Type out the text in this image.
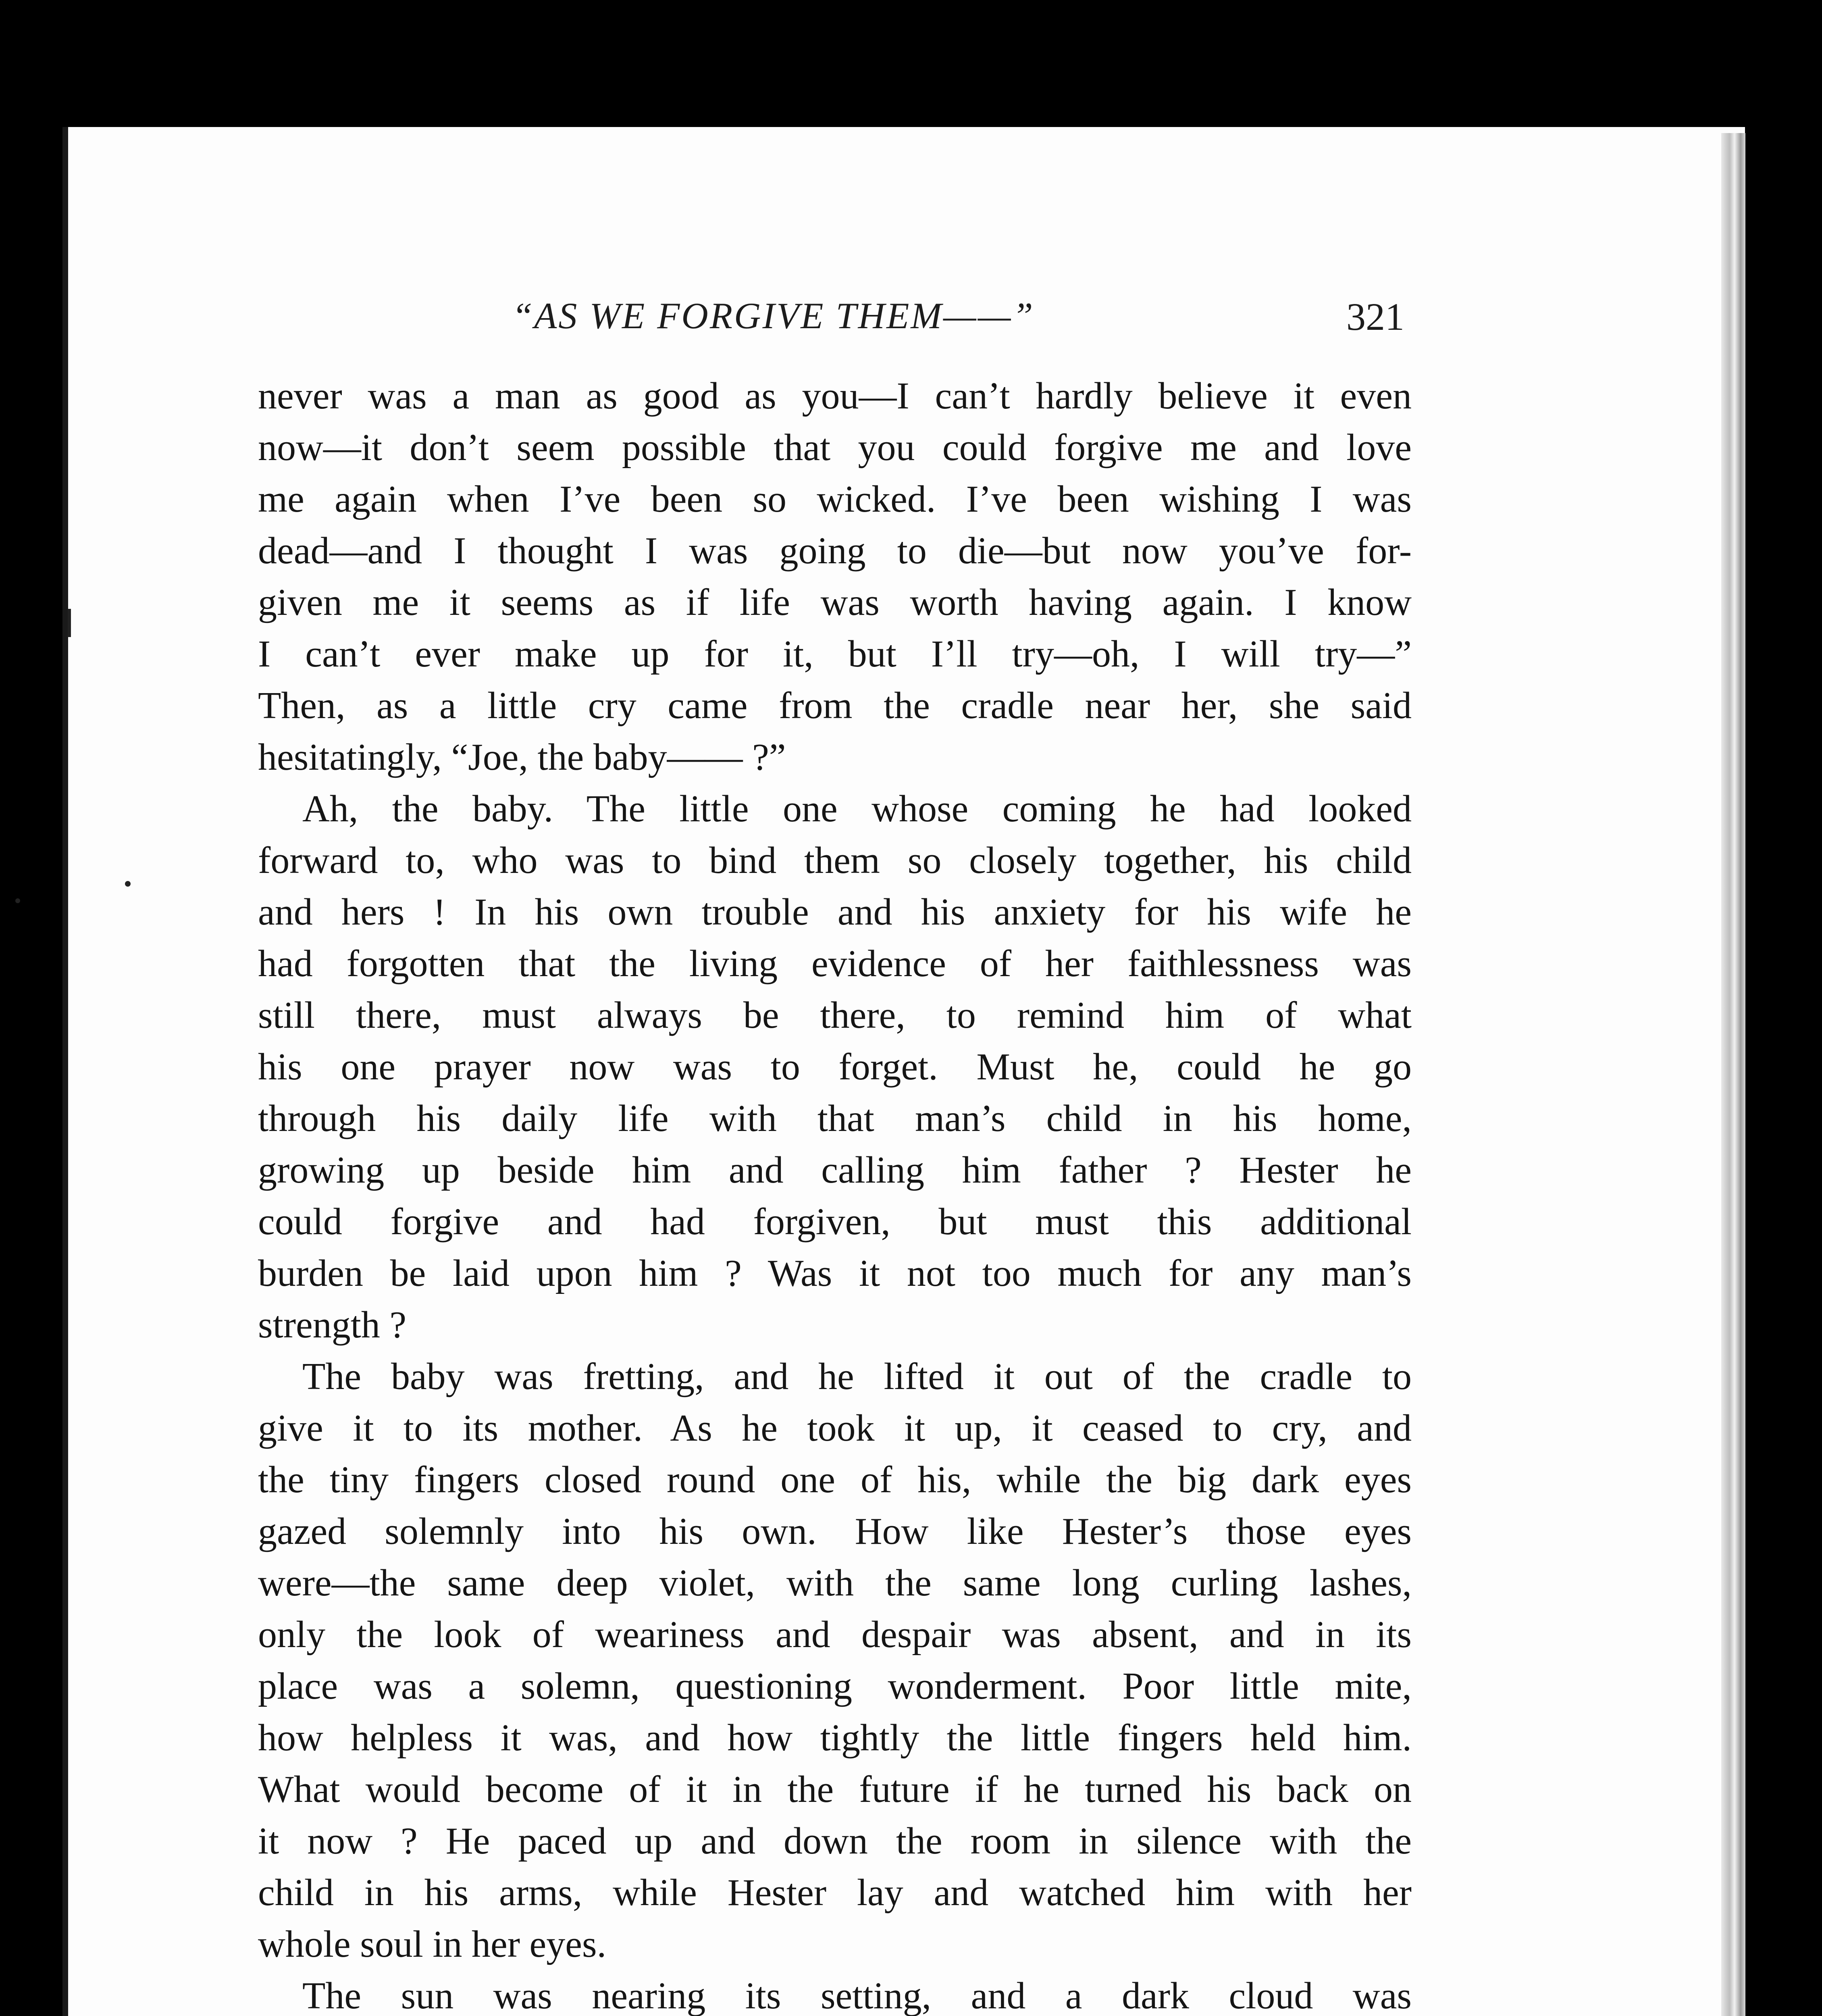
“AS WE FORGIVE THEM——”	321
never was a man as good as you—I can’t hardly believe it even
now—it don’t seem possible that you could forgive me and love
me again when I’ve been so wicked. I’ve been wishing I was
dead—and I thought I was going to die—but now you’ve for-
given me it seems as if life was worth having again. I know
I can’t ever make up for it, but I’ll try—oh, I will try—”
Then, as a little cry came from the cradle near her, she said
hesitatingly, “Joe, the baby—— ?”
Ah, the baby. The little one whose coming he had looked
forward to, who was to bind them so closely together, his child
and hers ! In his own trouble and his anxiety for his wife he
had forgotten that the living evidence of her faithlessness was
still there, must always be there, to remind him of what
his one prayer now was to forget. Must he, could he go
through his daily life with that man’s child in his home,
growing up beside him and calling him father ? Hester he
could forgive and had forgiven, but must this additional
burden be laid upon him ? Was it not too much for any man’s
strength ?
The baby was fretting, and he lifted it out of the cradle to
give it to its mother. As he took it up, it ceased to cry, and
the tiny fingers closed round one of his, while the big dark eyes
gazed solemnly into his own. How like Hester’s those eyes
were—the same deep violet, with the same long curling lashes,
only the look of weariness and despair was absent, and in its
place was a solemn, questioning wonderment. Poor little mite,
how helpless it was, and how tightly the little fingers held him.
What would become of it in the future if he turned his back on
it now ? He paced up and down the room in silence with the
child in his arms, while Hester lay and watched him with her
whole soul in her eyes.
The sun was nearing its setting, and a dark cloud was
